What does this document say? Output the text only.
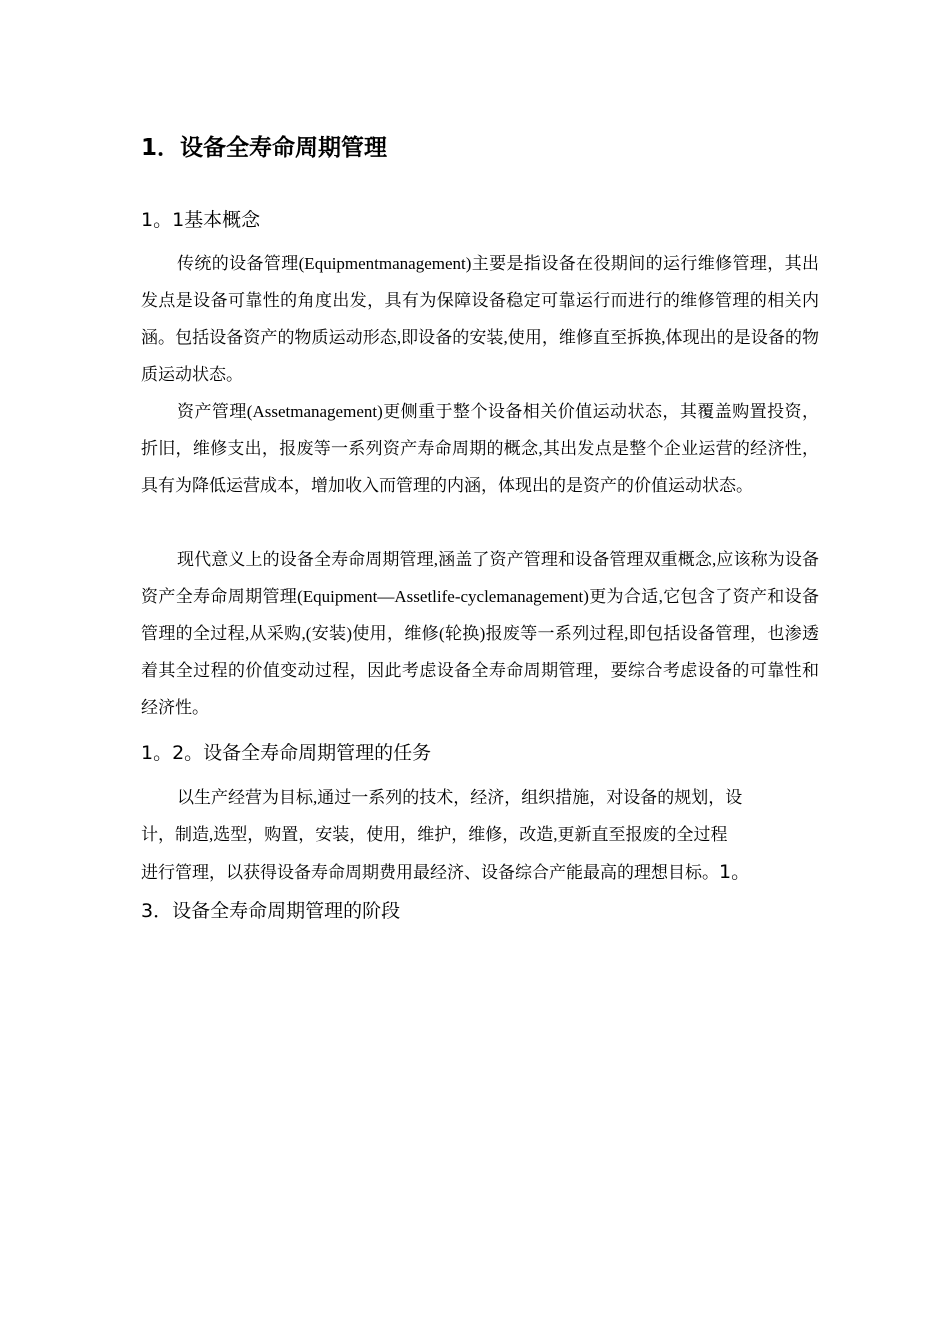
1．设备全寿命周期管理
1。1基本概念

传统的设备管理(Equipmentmanagement)主要是指设备在役期间的运行维修管理，其出发点是设备可靠性的角度出发，具有为保障设备稳定可靠运行而进行的维修管理的相关内涵。包括设备资产的物质运动形态,即设备的安装,使用，维修直至拆换,体现出的是设备的物质运动状态。

资产管理(Assetmanagement)更侧重于整个设备相关价值运动状态，其覆盖购置投资，折旧，维修支出，报废等一系列资产寿命周期的概念,其出发点是整个企业运营的经济性，具有为降低运营成本，增加收入而管理的内涵，体现出的是资产的价值运动状态。

现代意义上的设备全寿命周期管理,涵盖了资产管理和设备管理双重概念,应该称为设备资产全寿命周期管理(Equipment—Assetlife-cyclemanagement)更为合适,它包含了资产和设备管理的全过程,从采购,(安装)使用，维修(轮换)报废等一系列过程,即包括设备管理，也渗透着其全过程的价值变动过程，因此考虑设备全寿命周期管理，要综合考虑设备的可靠性和经济性。

1。2。设备全寿命周期管理的任务

以生产经营为目标,通过一系列的技术，经济，组织措施，对设备的规划，设
计，制造,选型，购置，安装，使用，维护，维修，改造,更新直至报废的全过程
进行管理，以获得设备寿命周期费用最经济、设备综合产能最高的理想目标。1。

3．设备全寿命周期管理的阶段
